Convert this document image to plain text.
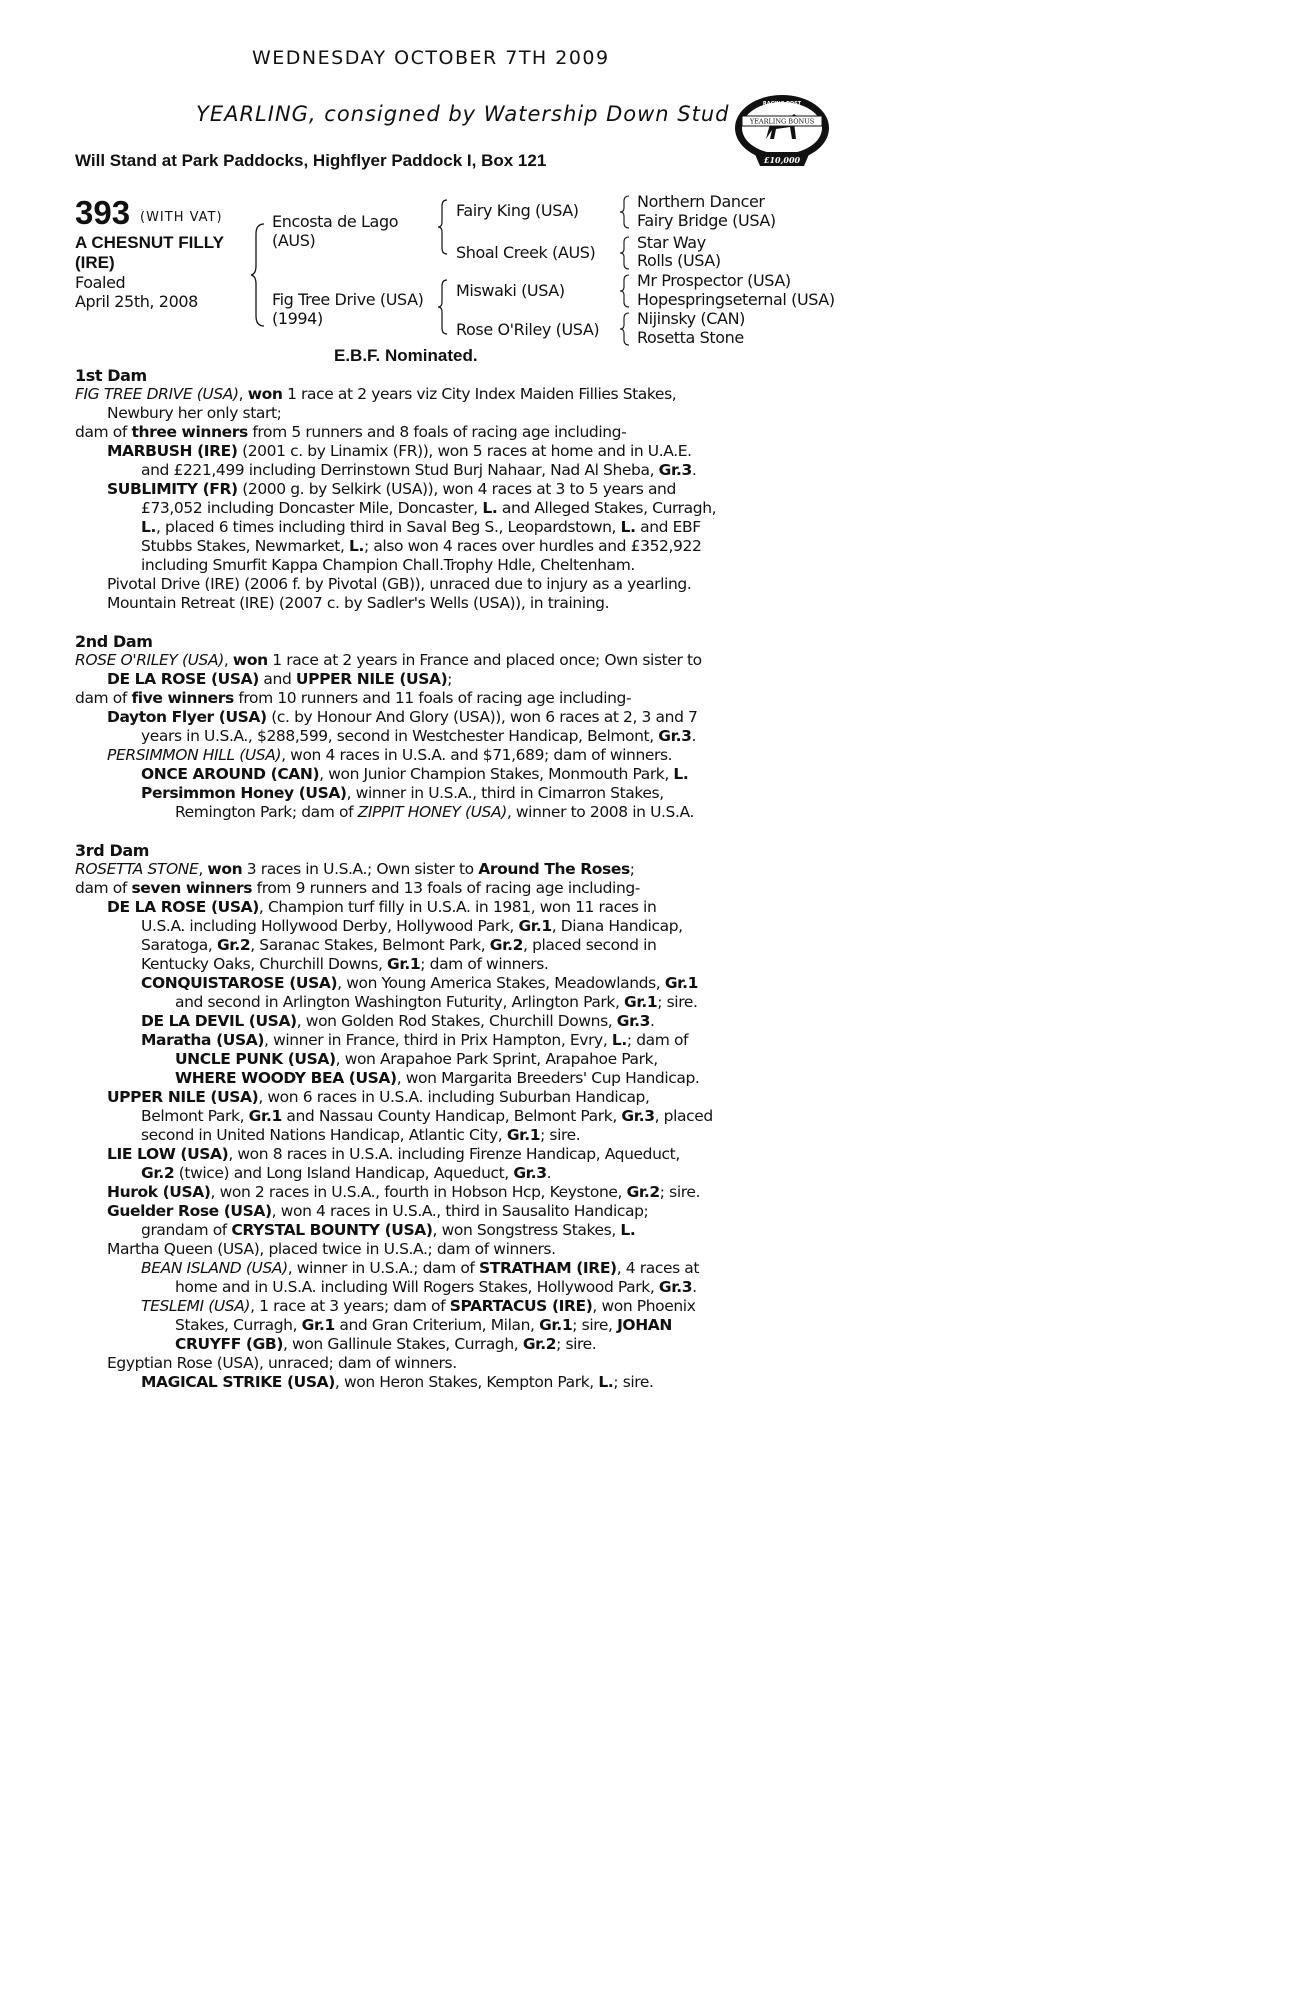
WEDNESDAY OCTOBER 7TH 2009
YEARLING, consigned by Watership Down Stud
Will Stand at Park Paddocks, Highflyer Paddock I, Box 121
YEARLING BONUS
RACING POST
£10,000
393 (WITH VAT)
A CHESNUT FILLY
(IRE)
Foaled
April 25th, 2008
Encosta de Lago
(AUS)
Fig Tree Drive (USA)
(1994)
Fairy King (USA)
Shoal Creek (AUS)
Miswaki (USA)
Rose O'Riley (USA)
Northern Dancer
Fairy Bridge (USA)
Star Way
Rolls (USA)
Mr Prospector (USA)
Hopespringseternal (USA)
Nijinsky (CAN)
Rosetta Stone
E.B.F. Nominated.
1st Dam
FIG TREE DRIVE (USA), won 1 race at 2 years viz City Index Maiden Fillies Stakes,
Newbury her only start;
dam of three winners from 5 runners and 8 foals of racing age including-
MARBUSH (IRE) (2001 c. by Linamix (FR)), won 5 races at home and in U.A.E.
and £221,499 including Derrinstown Stud Burj Nahaar, Nad Al Sheba, Gr.3.
SUBLIMITY (FR) (2000 g. by Selkirk (USA)), won 4 races at 3 to 5 years and
£73,052 including Doncaster Mile, Doncaster, L. and Alleged Stakes, Curragh,
L., placed 6 times including third in Saval Beg S., Leopardstown, L. and EBF
Stubbs Stakes, Newmarket, L.; also won 4 races over hurdles and £352,922
including Smurfit Kappa Champion Chall.Trophy Hdle, Cheltenham.
Pivotal Drive (IRE) (2006 f. by Pivotal (GB)), unraced due to injury as a yearling.
Mountain Retreat (IRE) (2007 c. by Sadler's Wells (USA)), in training.

2nd Dam
ROSE O'RILEY (USA), won 1 race at 2 years in France and placed once; Own sister to
DE LA ROSE (USA) and UPPER NILE (USA);
dam of five winners from 10 runners and 11 foals of racing age including-
Dayton Flyer (USA) (c. by Honour And Glory (USA)), won 6 races at 2, 3 and 7
years in U.S.A., $288,599, second in Westchester Handicap, Belmont, Gr.3.
PERSIMMON HILL (USA), won 4 races in U.S.A. and $71,689; dam of winners.
ONCE AROUND (CAN), won Junior Champion Stakes, Monmouth Park, L.
Persimmon Honey (USA), winner in U.S.A., third in Cimarron Stakes,
Remington Park; dam of ZIPPIT HONEY (USA), winner to 2008 in U.S.A.

3rd Dam
ROSETTA STONE, won 3 races in U.S.A.; Own sister to Around The Roses;
dam of seven winners from 9 runners and 13 foals of racing age including-
DE LA ROSE (USA), Champion turf filly in U.S.A. in 1981, won 11 races in
U.S.A. including Hollywood Derby, Hollywood Park, Gr.1, Diana Handicap,
Saratoga, Gr.2, Saranac Stakes, Belmont Park, Gr.2, placed second in
Kentucky Oaks, Churchill Downs, Gr.1; dam of winners.
CONQUISTAROSE (USA), won Young America Stakes, Meadowlands, Gr.1
and second in Arlington Washington Futurity, Arlington Park, Gr.1; sire.
DE LA DEVIL (USA), won Golden Rod Stakes, Churchill Downs, Gr.3.
Maratha (USA), winner in France, third in Prix Hampton, Evry, L.; dam of
UNCLE PUNK (USA), won Arapahoe Park Sprint, Arapahoe Park,
WHERE WOODY BEA (USA), won Margarita Breeders' Cup Handicap.
UPPER NILE (USA), won 6 races in U.S.A. including Suburban Handicap,
Belmont Park, Gr.1 and Nassau County Handicap, Belmont Park, Gr.3, placed
second in United Nations Handicap, Atlantic City, Gr.1; sire.
LIE LOW (USA), won 8 races in U.S.A. including Firenze Handicap, Aqueduct,
Gr.2 (twice) and Long Island Handicap, Aqueduct, Gr.3.
Hurok (USA), won 2 races in U.S.A., fourth in Hobson Hcp, Keystone, Gr.2; sire.
Guelder Rose (USA), won 4 races in U.S.A., third in Sausalito Handicap;
grandam of CRYSTAL BOUNTY (USA), won Songstress Stakes, L.
Martha Queen (USA), placed twice in U.S.A.; dam of winners.
BEAN ISLAND (USA), winner in U.S.A.; dam of STRATHAM (IRE), 4 races at
home and in U.S.A. including Will Rogers Stakes, Hollywood Park, Gr.3.
TESLEMI (USA), 1 race at 3 years; dam of SPARTACUS (IRE), won Phoenix
Stakes, Curragh, Gr.1 and Gran Criterium, Milan, Gr.1; sire, JOHAN
CRUYFF (GB), won Gallinule Stakes, Curragh, Gr.2; sire.
Egyptian Rose (USA), unraced; dam of winners.
MAGICAL STRIKE (USA), won Heron Stakes, Kempton Park, L.; sire.
